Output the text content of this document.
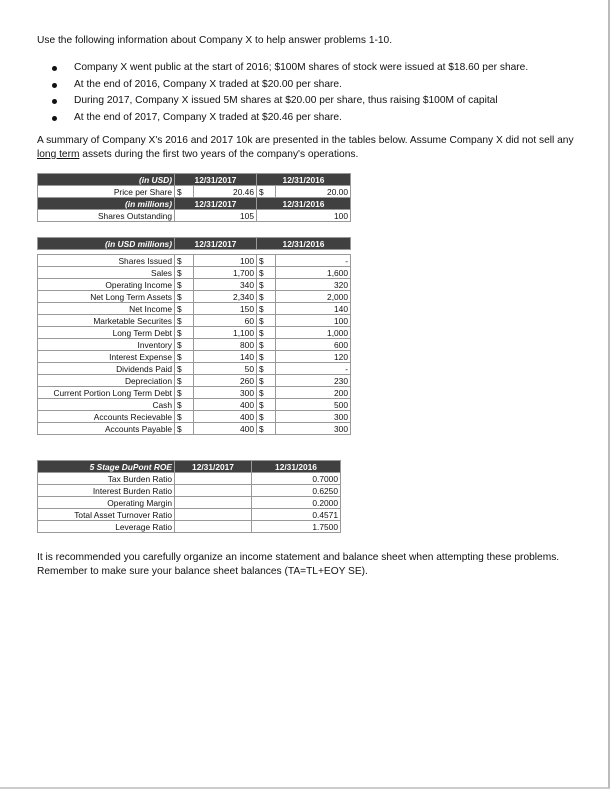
Use the following information about Company X to help answer problems 1-10.
Company X went public at the start of 2016; $100M shares of stock were issued at $18.60 per share.
At the end of 2016, Company X traded at $20.00 per share.
During 2017, Company X issued 5M shares at $20.00 per share, thus raising $100M of capital
At the end of 2017, Company X traded at $20.46 per share.
A summary of Company X's 2016 and 2017 10k are presented in the tables below. Assume Company X did not sell any long term assets during the first two years of the company's operations.
(in USD)	12/31/2017		12/31/2016	
Price per Share	$	20.46	$	20.00
(in millions)	12/31/2017		12/31/2016	
Shares Outstanding	105		100	
(in USD millions)	12/31/2017		12/31/2016	

Shares Issued	$	100	$	-
Sales	$	1,700	$	1,600
Operating Income	$	340	$	320
Net Long Term Assets	$	2,340	$	2,000
Net Income	$	150	$	140
Marketable Securites	$	60	$	100
Long Term Debt	$	1,100	$	1,000
Inventory	$	800	$	600
Interest Expense	$	140	$	120
Dividends Paid	$	50	$	-
Depreciation	$	260	$	230
Current Portion Long Term Debt	$	300	$	200
Cash	$	400	$	500
Accounts Recievable	$	400	$	300
Accounts Payable	$	400	$	300
5 Stage DuPont ROE	12/31/2017	12/31/2016
Tax Burden Ratio		0.7000
Interest Burden Ratio		0.6250
Operating Margin		0.2000
Total Asset Turnover Ratio		0.4571
Leverage Ratio		1.7500
It is recommended you carefully organize an income statement and balance sheet when attempting these problems. Remember to make sure your balance sheet balances (TA=TL+EOY SE).
